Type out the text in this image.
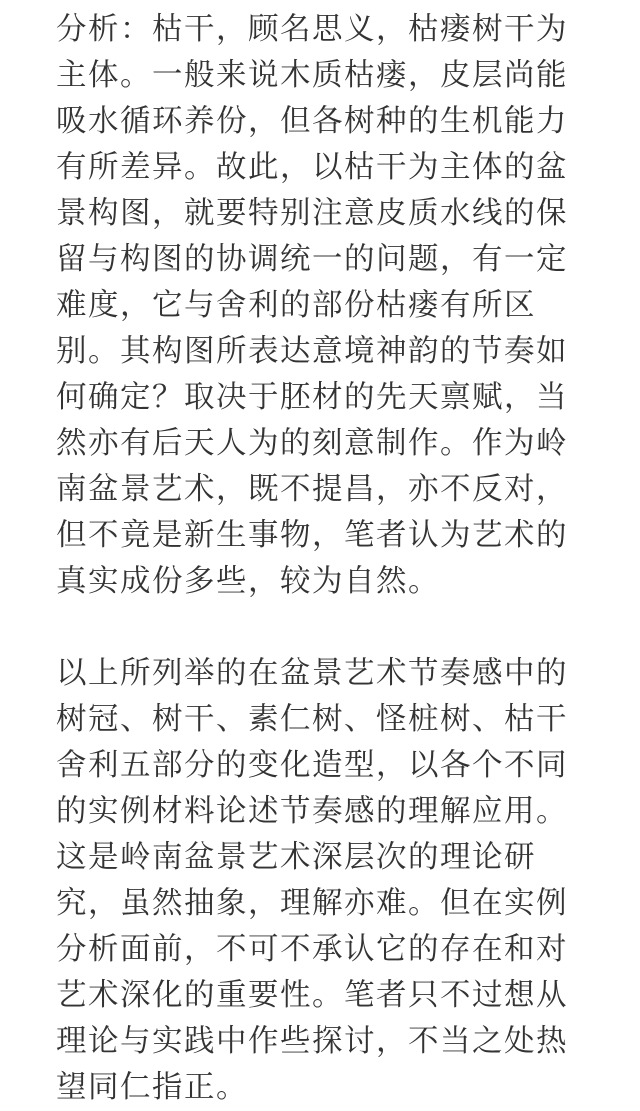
分析：枯干，顾名思义，枯瘘树干为
主体。一般来说木质枯瘘，皮层尚能
吸水循环养份，但各树种的生机能力
有所差异。故此，以枯干为主体的盆
景构图，就要特别注意皮质水线的保
留与构图的协调统一的问题，有一定
难度，它与舍利的部份枯瘘有所区
别。其构图所表达意境神韵的节奏如
何确定？取决于胚材的先天禀赋，当
然亦有后天人为的刻意制作。作为岭
南盆景艺术，既不提昌，亦不反对，
但不竟是新生事物，笔者认为艺术的
真实成份多些，较为自然。

以上所列举的在盆景艺术节奏感中的
树冠、树干、素仁树、怪桩树、枯干
舍利五部分的变化造型，以各个不同
的实例材料论述节奏感的理解应用。
这是岭南盆景艺术深层次的理论研
究，虽然抽象，理解亦难。但在实例
分析面前，不可不承认它的存在和对
艺术深化的重要性。笔者只不过想从
理论与实践中作些探讨，不当之处热
望同仁指正。
